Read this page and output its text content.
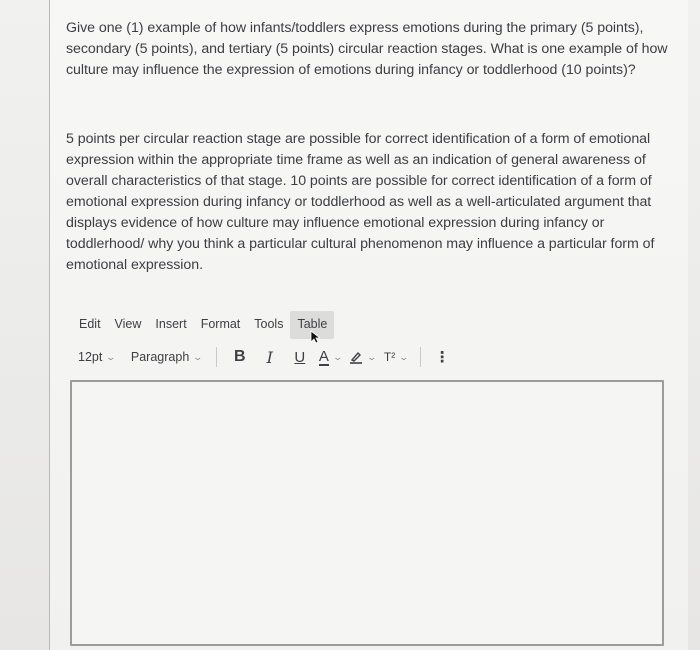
Give one (1) example of how infants/toddlers express emotions during the primary (5 points), secondary (5 points), and tertiary (5 points) circular reaction stages. What is one example of how culture may influence the expression of emotions during infancy or toddlerhood (10 points)?

5 points per circular reaction stage are possible for correct identification of a form of emotional expression within the appropriate time frame as well as an indication of general awareness of overall characteristics of that stage. 10 points are possible for correct identification of a form of emotional expression during infancy or toddlerhood as well as a well-articulated argument that displays evidence of how culture may influence emotional expression during infancy or toddlerhood/ why you think a particular cultural phenomenon may influence a particular form of emotional expression.

Edit	View	Insert	Format	Tools	Table
12pt ⌄ Paragraph ⌄	B	I	U A ⌄	⌄ T² ⌄ ⋮
